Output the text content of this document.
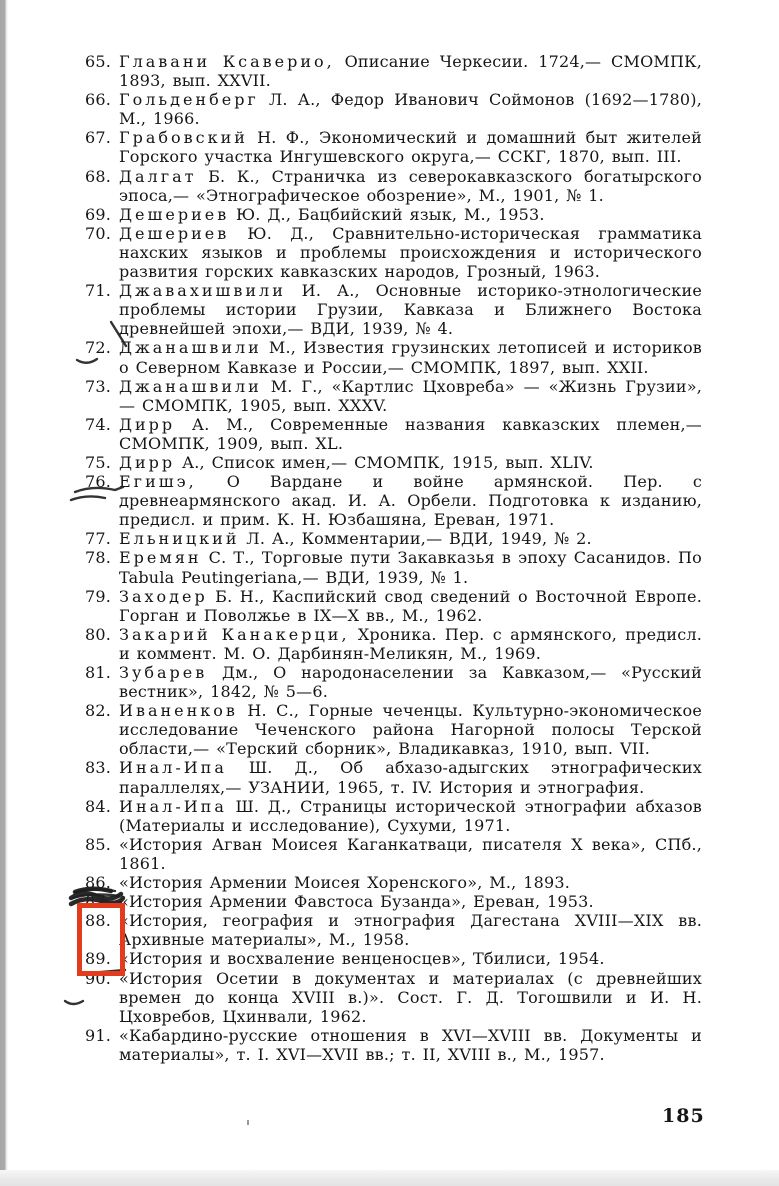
65. Главани Ксаверио, Описание Черкесии. 1724,— СМОМПК, 1893, вып. XXVII.
66. Гольденберг Л. А., Федор Иванович Соймонов (1692—1780), М., 1966.
67. Грабовский Н. Ф., Экономический и домашний быт жителей Горского участка Ингушевского округа,— ССКГ, 1870, вып. III.
68. Далгат Б. К., Страничка из северокавказского богатырского эпоса,— «Этнографическое обозрение», М., 1901, № 1.
69. Дешериев Ю. Д., Бацбийский язык, М., 1953.
70. Дешериев Ю. Д., Сравнительно-историческая грамматика нахских языков и проблемы происхождения и исторического развития горских кавказских народов, Грозный, 1963.
71. Джавахишвили И. А., Основные историко-этнологические проблемы истории Грузии, Кавказа и Ближнего Востока древнейшей эпохи,— ВДИ, 1939, № 4.
72. Джанашвили М., Известия грузинских летописей и историков о Северном Кавказе и России,— СМОМПК, 1897, вып. XXII.
73. Джанашвили М. Г., «Картлис Цховреба» — «Жизнь Грузии»,— СМОМПК, 1905, вып. XXXV.
74. Дирр А. М., Современные названия кавказских племен,— СМОМПК, 1909, вып. XL.
75. Дирр А., Список имен,— СМОМПК, 1915, вып. XLIV.
76. Егишэ, О Вардане и войне армянской. Пер. с древнеармянского акад. И. А. Орбели. Подготовка к изданию, предисл. и прим. К. Н. Юзбашяна, Ереван, 1971.
77. Ельницкий Л. А., Комментарии,— ВДИ, 1949, № 2.
78. Еремян С. Т., Торговые пути Закавказья в эпоху Сасанидов. По Tabula Peutingeriana,— ВДИ, 1939, № 1.
79. Заходер Б. Н., Каспийский свод сведений о Восточной Европе. Горган и Поволжье в IX—X вв., М., 1962.
80. Закарий Канакерци, Хроника. Пер. с армянского, предисл. и коммент. М. О. Дарбинян-Меликян, М., 1969.
81. Зубарев Дм., О народонаселении за Кавказом,— «Русский вестник», 1842, № 5—6.
82. Иваненков Н. С., Горные чеченцы. Культурно-экономическое исследование Чеченского района Нагорной полосы Терской области,— «Терский сборник», Владикавказ, 1910, вып. VII.
83. Инал-Ипа Ш. Д., Об абхазо-адыгских этнографических параллелях,— УЗАНИИ, 1965, т. IV. История и этнография.
84. Инал-Ипа Ш. Д., Страницы исторической этнографии абхазов (Материалы и исследование), Сухуми, 1971.
85. «История Агван Моисея Каганкатваци, писателя X века», СПб., 1861.
86. «История Армении Моисея Хоренского», М., 1893.
87. «История Армении Фавстоса Бузанда», Ереван, 1953.
88. «История, география и этнография Дагестана XVIII—XIX вв. Архивные материалы», М., 1958.
89. «История и восхваление венценосцев», Тбилиси, 1954.
90. «История Осетии в документах и материалах (с древнейших времен до конца XVIII в.)». Сост. Г. Д. Тогошвили и И. Н. Цховребов, Цхинвали, 1962.
91. «Кабардино-русские отношения в XVI—XVIII вв. Документы и материалы», т. I. XVI—XVII вв.; т. II, XVIII в., М., 1957.
185
